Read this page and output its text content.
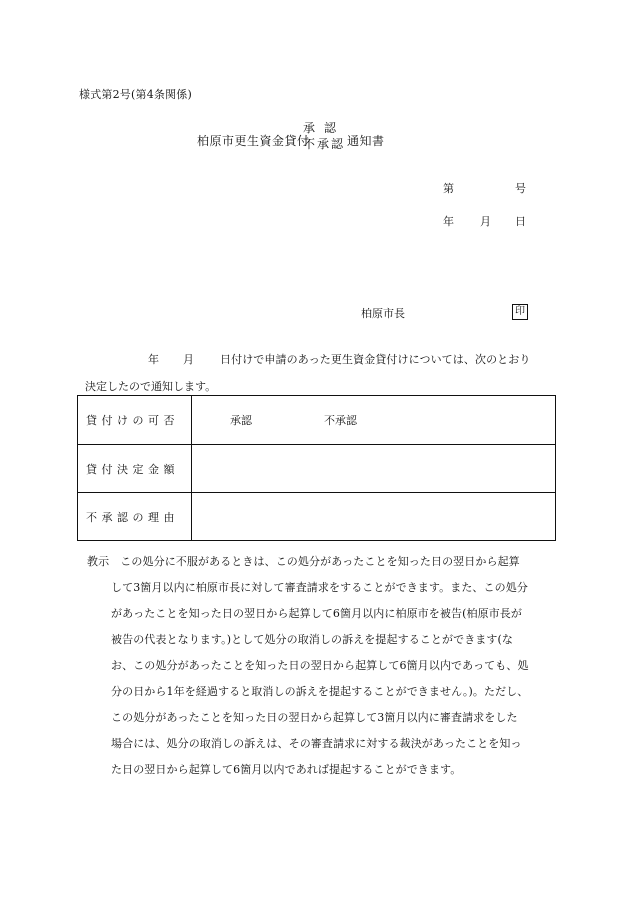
様式第2号(第4条関係)
柏原市更生資金貸付
承認
不承認 通知書
第	号
年 月 日
柏原市長	印
年 月 日付けで申請のあった更生資金貸付けについては、次のとおり
決定したので通知します。
貸付けの可否	承認	不承認
貸付決定金額
不承認の理由
教示　この処分に不服があるときは、この処分があったことを知った日の翌日から起算
して3箇月以内に柏原市長に対して審査請求をすることができます。また、この処分
があったことを知った日の翌日から起算して6箇月以内に柏原市を被告(柏原市長が
被告の代表となります。)として処分の取消しの訴えを提起することができます(な
お、この処分があったことを知った日の翌日から起算して6箇月以内であっても、処
分の日から1年を経過すると取消しの訴えを提起することができません。)。ただし、
この処分があったことを知った日の翌日から起算して3箇月以内に審査請求をした
場合には、処分の取消しの訴えは、その審査請求に対する裁決があったことを知っ
た日の翌日から起算して6箇月以内であれば提起することができます。
